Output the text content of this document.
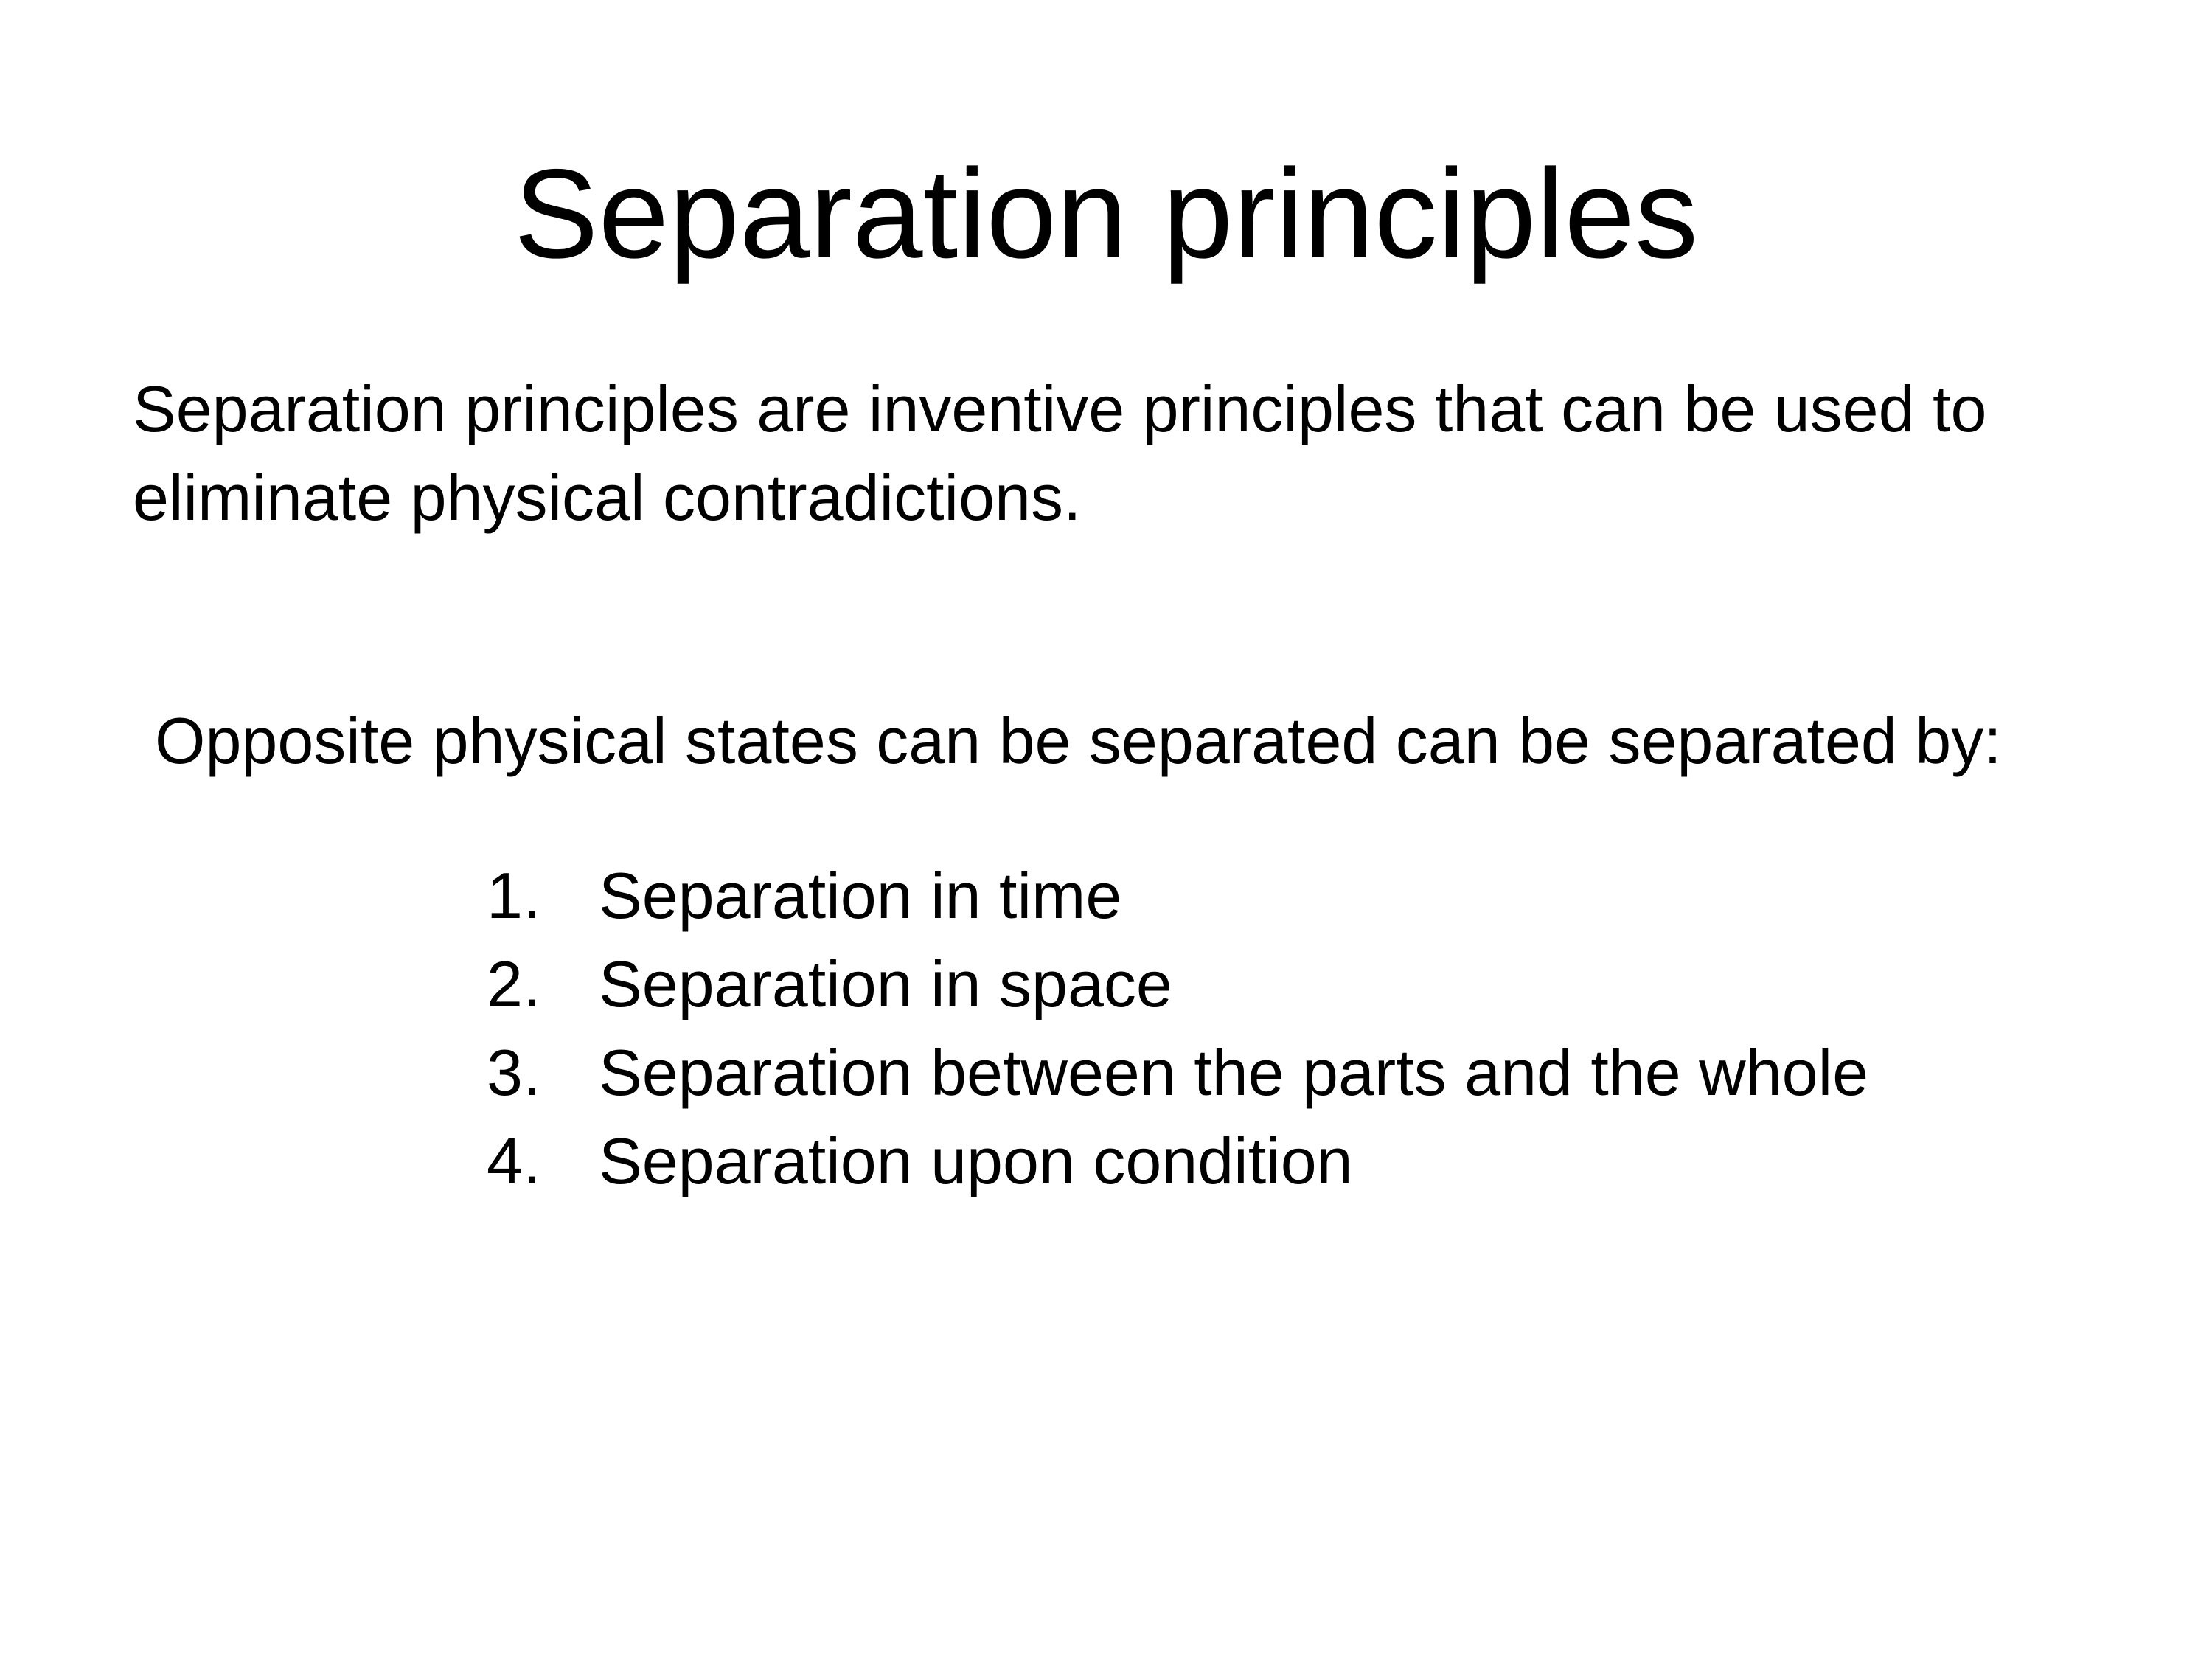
Separation principles
Separation principles are inventive principles that can be used to
eliminate physical contradictions.
Opposite physical states can be separated can be separated by:
1. Separation in time
2. Separation in space
3. Separation between the parts and the whole
4. Separation upon condition
